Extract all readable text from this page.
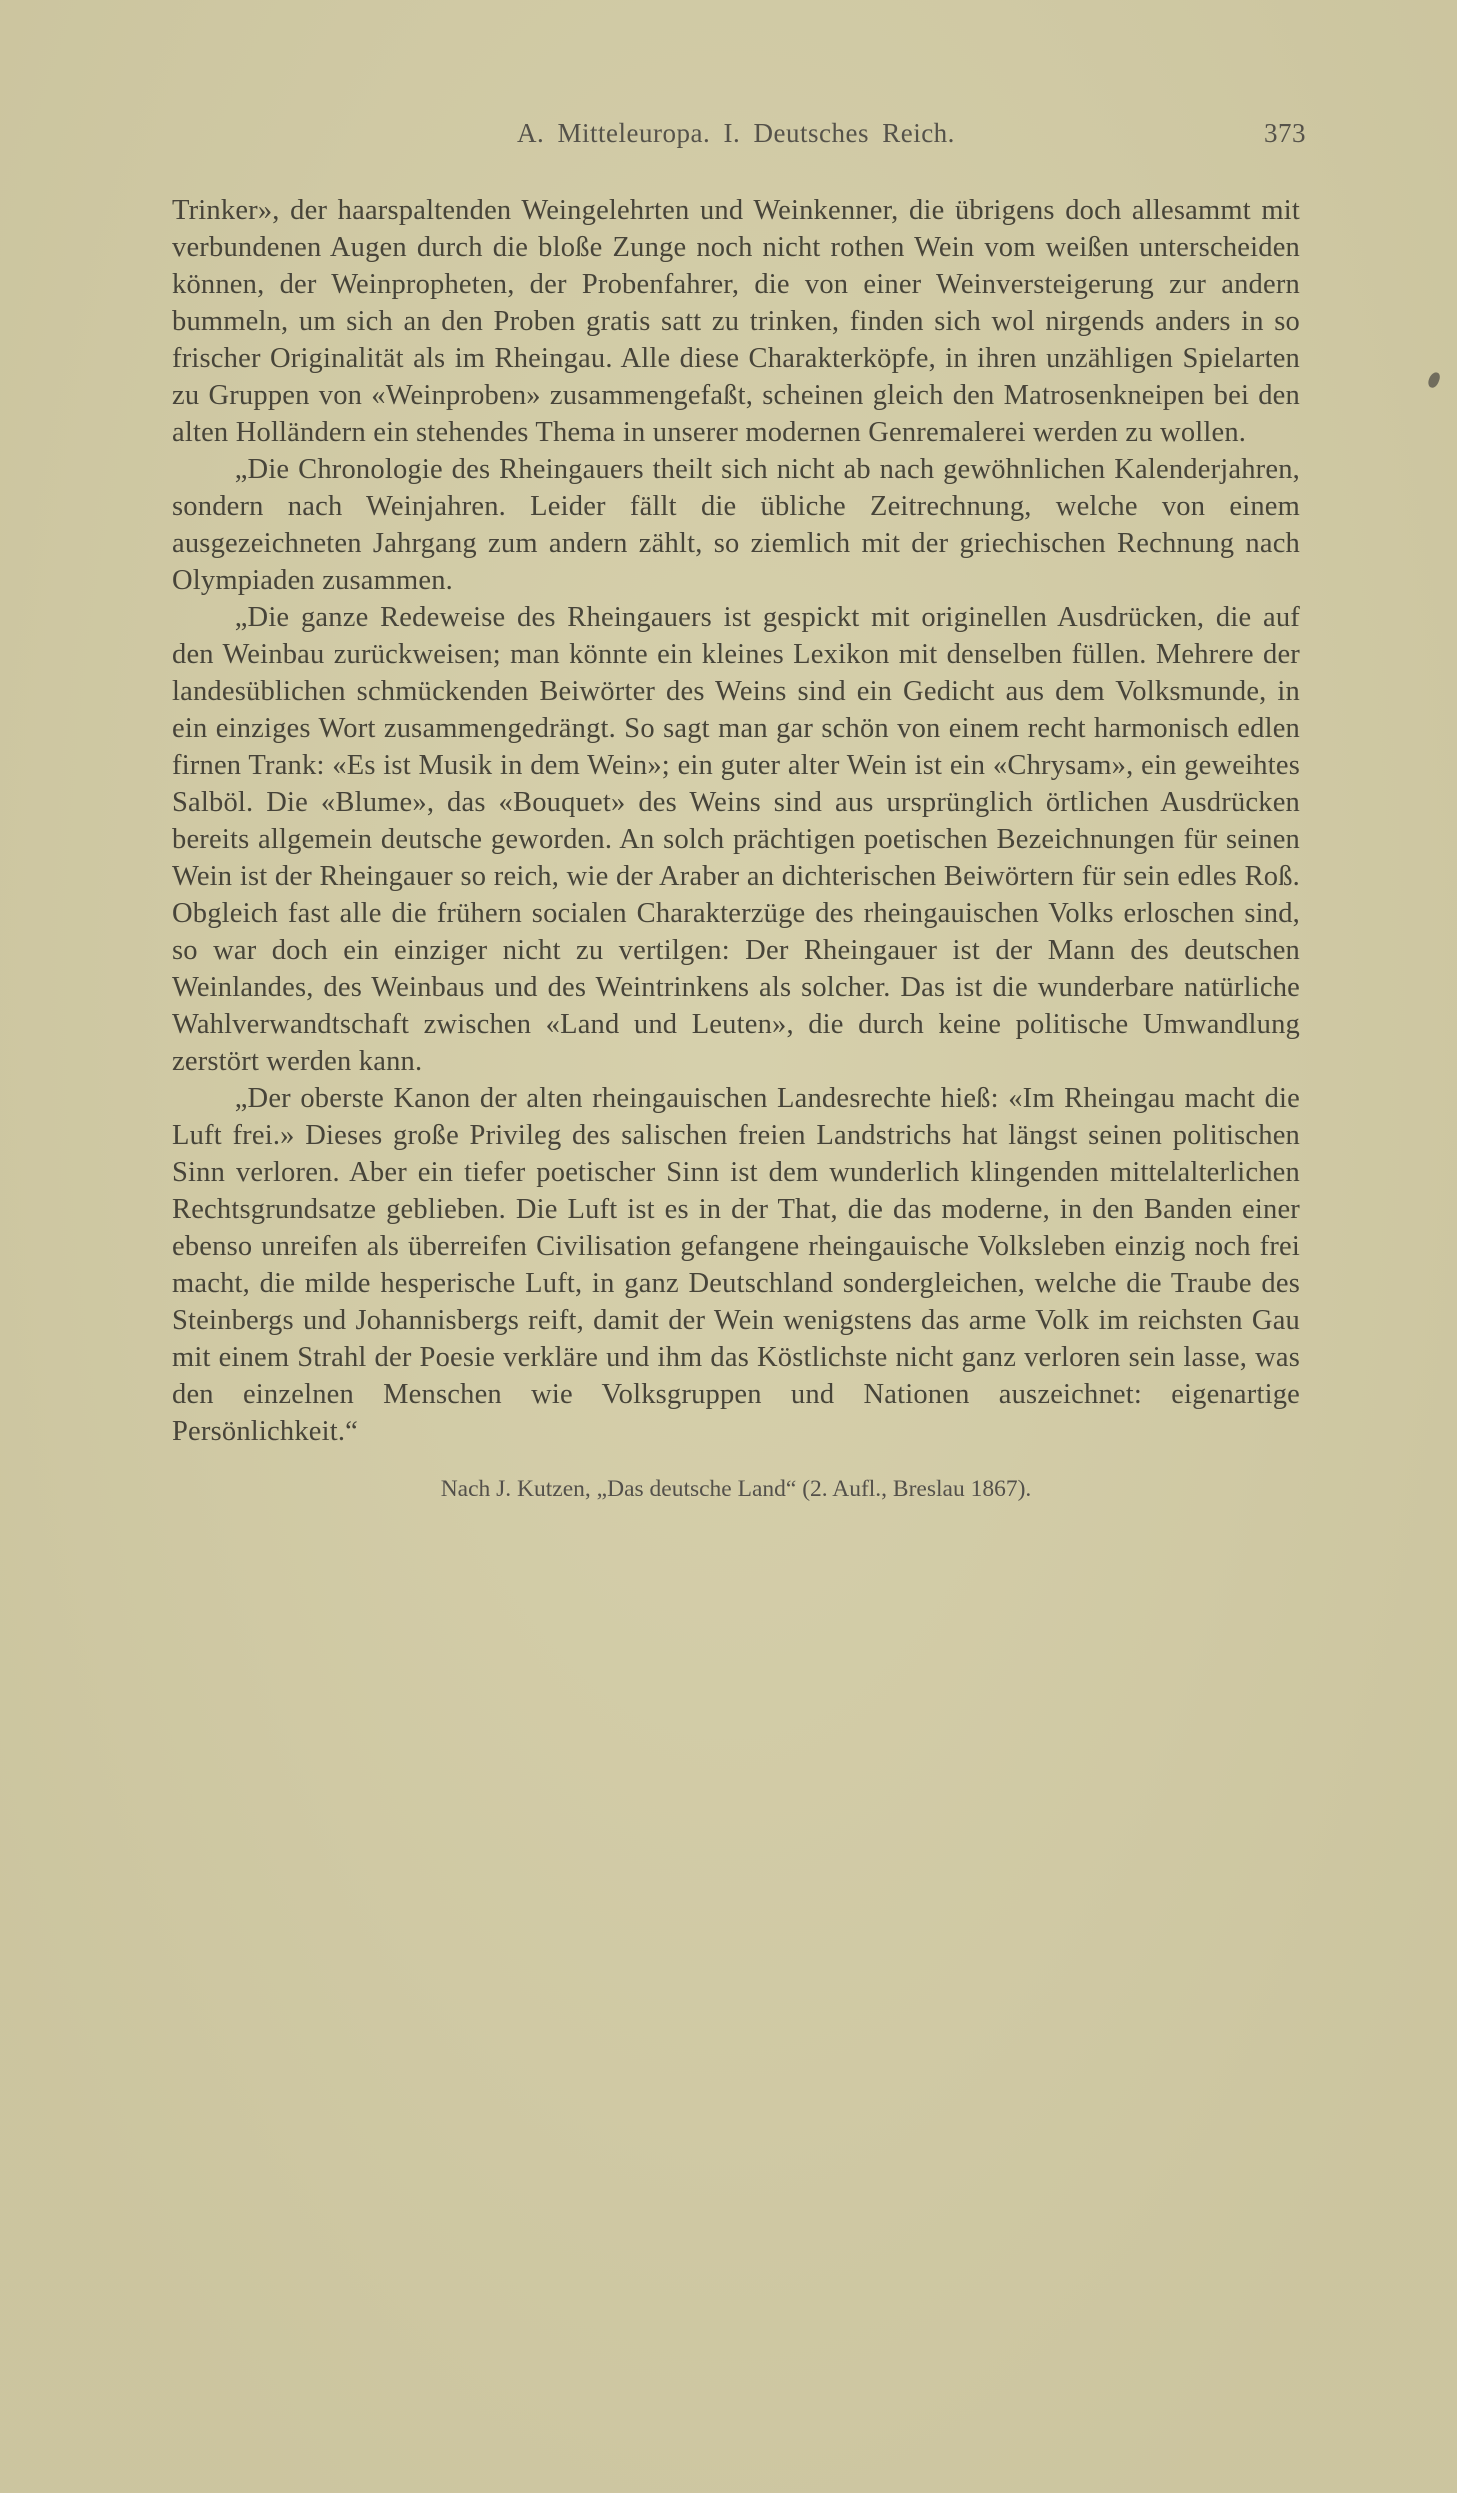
A. Mitteleuropa. I. Deutsches Reich.	373

Trinker», der haarspaltenden Weingelehrten und Weinkenner, die übrigens doch allesammt mit verbundenen Augen durch die bloße Zunge noch nicht rothen Wein vom weißen unterscheiden können, der Weinpropheten, der Probenfahrer, die von einer Weinversteigerung zur andern bummeln, um sich an den Proben gratis satt zu trinken, finden sich wol nirgends anders in so frischer Originalität als im Rheingau. Alle diese Charakterköpfe, in ihren unzähligen Spielarten zu Gruppen von «Weinproben» zusammengefaßt, scheinen gleich den Matrosenkneipen bei den alten Holländern ein stehendes Thema in unserer modernen Genremalerei werden zu wollen.

„Die Chronologie des Rheingauers theilt sich nicht ab nach gewöhnlichen Kalenderjahren, sondern nach Weinjahren. Leider fällt die übliche Zeitrechnung, welche von einem ausgezeichneten Jahrgang zum andern zählt, so ziemlich mit der griechischen Rechnung nach Olympiaden zusammen.

„Die ganze Redeweise des Rheingauers ist gespickt mit originellen Ausdrücken, die auf den Weinbau zurückweisen; man könnte ein kleines Lexikon mit denselben füllen. Mehrere der landesüblichen schmückenden Beiwörter des Weins sind ein Gedicht aus dem Volksmunde, in ein einziges Wort zusammengedrängt. So sagt man gar schön von einem recht harmonisch edlen firnen Trank: «Es ist Musik in dem Wein»; ein guter alter Wein ist ein «Chrysam», ein geweihtes Salböl. Die «Blume», das «Bouquet» des Weins sind aus ursprünglich örtlichen Ausdrücken bereits allgemein deutsche geworden. An solch prächtigen poetischen Bezeichnungen für seinen Wein ist der Rheingauer so reich, wie der Araber an dichterischen Beiwörtern für sein edles Roß. Obgleich fast alle die frühern socialen Charakterzüge des rheingauischen Volks erloschen sind, so war doch ein einziger nicht zu vertilgen: Der Rheingauer ist der Mann des deutschen Weinlandes, des Weinbaus und des Weintrinkens als solcher. Das ist die wunderbare natürliche Wahlverwandtschaft zwischen «Land und Leuten», die durch keine politische Umwandlung zerstört werden kann.

„Der oberste Kanon der alten rheingauischen Landesrechte hieß: «Im Rheingau macht die Luft frei.» Dieses große Privileg des salischen freien Landstrichs hat längst seinen politischen Sinn verloren. Aber ein tiefer poetischer Sinn ist dem wunderlich klingenden mittelalterlichen Rechtsgrundsatze geblieben. Die Luft ist es in der That, die das moderne, in den Banden einer ebenso unreifen als überreifen Civilisation gefangene rheingauische Volksleben einzig noch frei macht, die milde hesperische Luft, in ganz Deutschland sondergleichen, welche die Traube des Steinbergs und Johannisbergs reift, damit der Wein wenigstens das arme Volk im reichsten Gau mit einem Strahl der Poesie verkläre und ihm das Köstlichste nicht ganz verloren sein lasse, was den einzelnen Menschen wie Volksgruppen und Nationen auszeichnet: eigenartige Persönlichkeit.“

Nach J. Kutzen, „Das deutsche Land“ (2. Aufl., Breslau 1867).
